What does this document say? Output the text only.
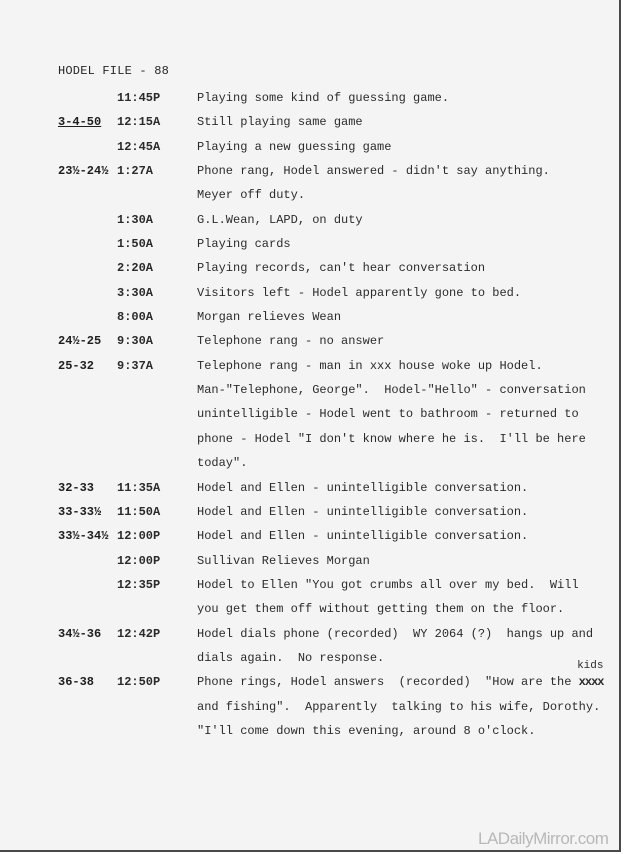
HODEL FILE - 88
11:45P	Playing some kind of guessing game.
3-4-50	12:15A	Still playing same game
12:45A	Playing a new guessing game
23½-24½ 1:27A	Phone rang, Hodel answered - didn't say anything.
Meyer off duty.
1:30A	G.L.Wean, LAPD, on duty
1:50A	Playing cards
2:20A	Playing records, can't hear conversation
3:30A	Visitors left - Hodel apparently gone to bed.
8:00A	Morgan relieves Wean
24½-25	9:30A	Telephone rang - no answer
25-32	9:37A	Telephone rang - man in xxx house woke up Hodel.
Man-"Telephone, George".  Hodel-"Hello" - conversation
unintelligible - Hodel went to bathroom - returned to
phone - Hodel "I don't know where he is.  I'll be here
today".
32-33	11:35A	Hodel and Ellen - unintelligible conversation.
33-33½	11:50A	Hodel and Ellen - unintelligible conversation.
33½-34½ 12:00P	Hodel and Ellen - unintelligible conversation.
12:00P	Sullivan Relieves Morgan
12:35P	Hodel to Ellen "You got crumbs all over my bed.  Will
you get them off without getting them on the floor.
34½-36	12:42P	Hodel dials phone (recorded)  WY 2064 (?)  hangs up and
dials again.  No response.
36-38	12:50P	Phone rings, Hodel answers  (recorded)  "How are the xxxx
kids
and fishing".  Apparently  talking to his wife, Dorothy.
"I'll come down this evening, around 8 o'clock.
LADailyMirror.com
